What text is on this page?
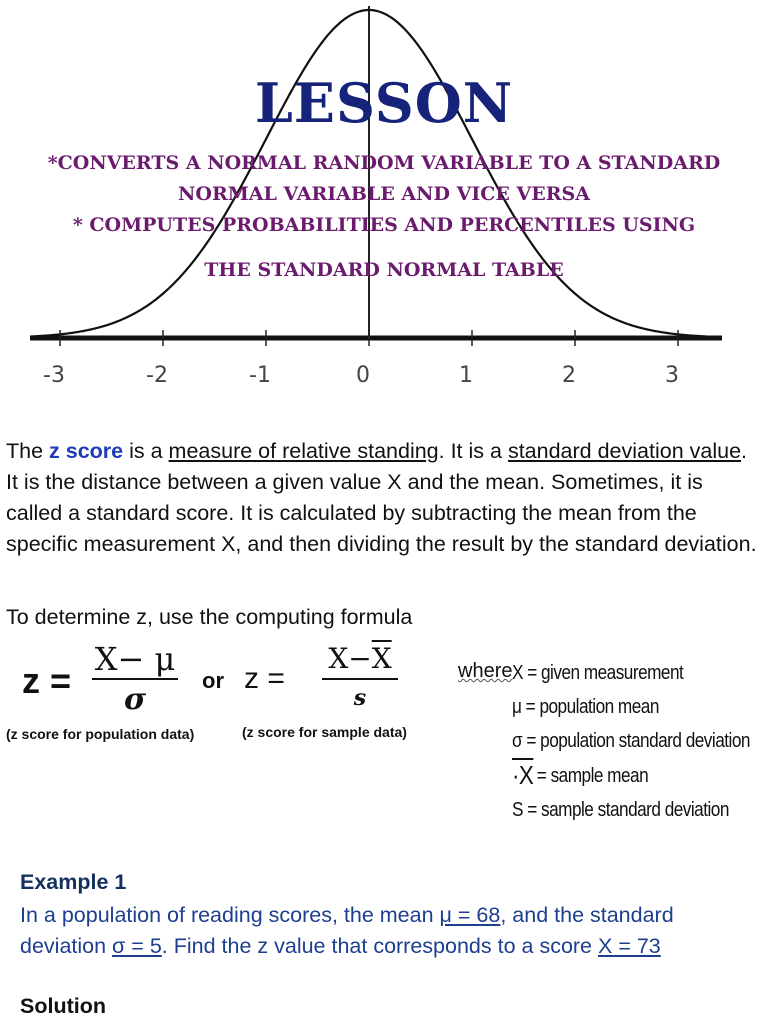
-3	-2	-1	0	1	2	3
LESSON
*CONVERTS A NORMAL RANDOM VARIABLE TO A STANDARD
NORMAL VARIABLE AND VICE VERSA
* COMPUTES PROBABILITIES AND PERCENTILES USING
THE STANDARD NORMAL TABLE
The z score is a measure of relative standing. It is a standard deviation value. It is the distance between a given value X and the mean. Sometimes, it is called a standard score. It is calculated by subtracting the mean from the specific measurement X, and then dividing the result by the standard deviation.
To determine z, use the computing formula
z =
X− μ
σ
or z =
$X-\overline{X}$
s
(z score for population data)	(z score for sample data)
where X = given measurement
μ = population mean
σ = population standard deviation
·X = sample mean
S = sample standard deviation
Example 1
In a population of reading scores, the mean μ = 68, and the standard deviation σ = 5. Find the z value that corresponds to a score X = 73
Solution
